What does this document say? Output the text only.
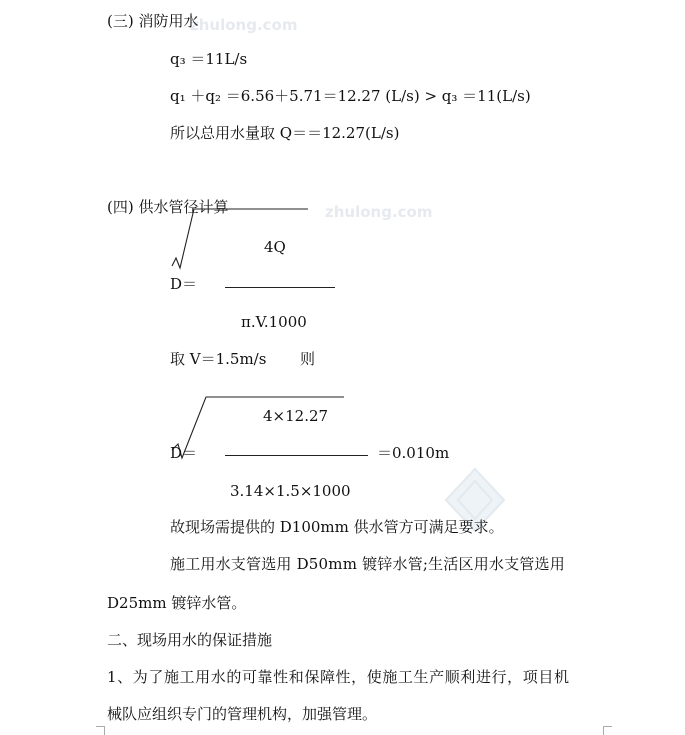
zhulong.com
zhulong.com
(三) 消防用水
q₃ ＝11L/s
q₁ ＋q₂ ＝6.56＋5.71＝12.27 (L/s) > q₃ ＝11(L/s)
所以总用水量取 Q＝＝12.27(L/s)
(四) 供水管径计算
4Q
D＝
π.V.1000
取 V＝1.5m/s 则
4×12.27
D＝	＝0.010m
3.14×1.5×1000
故现场需提供的 D100mm 供水管方可满足要求。
施工用水支管选用 D50mm 镀锌水管;生活区用水支管选用
D25mm 镀锌水管。
二、现场用水的保证措施
1、为了施工用水的可靠性和保障性，使施工生产顺利进行，项目机
械队应组织专门的管理机构，加强管理。
